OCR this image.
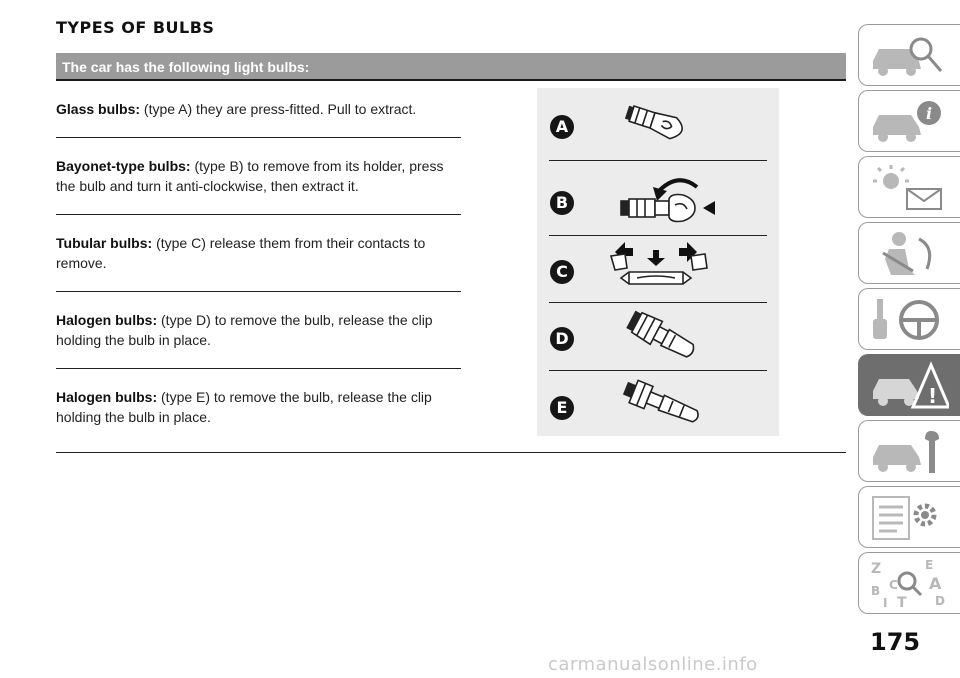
TYPES OF BULBS
The car has the following light bulbs:

Glass bulbs: (type A) they are press-fitted. Pull to extract.

Bayonet-type bulbs: (type B) to remove from its holder, press the bulb and turn it anti-clockwise, then extract it.

Tubular bulbs: (type C) release them from their contacts to remove.

Halogen bulbs: (type D) to remove the bulb, release the clip holding the bulb in place.

Halogen bulbs: (type E) to remove the bulb, release the clip holding the bulb in place.

A
B
C
D
E
i
!
Z	E
A
B C
D
T
I
175
carmanualsonline.info
